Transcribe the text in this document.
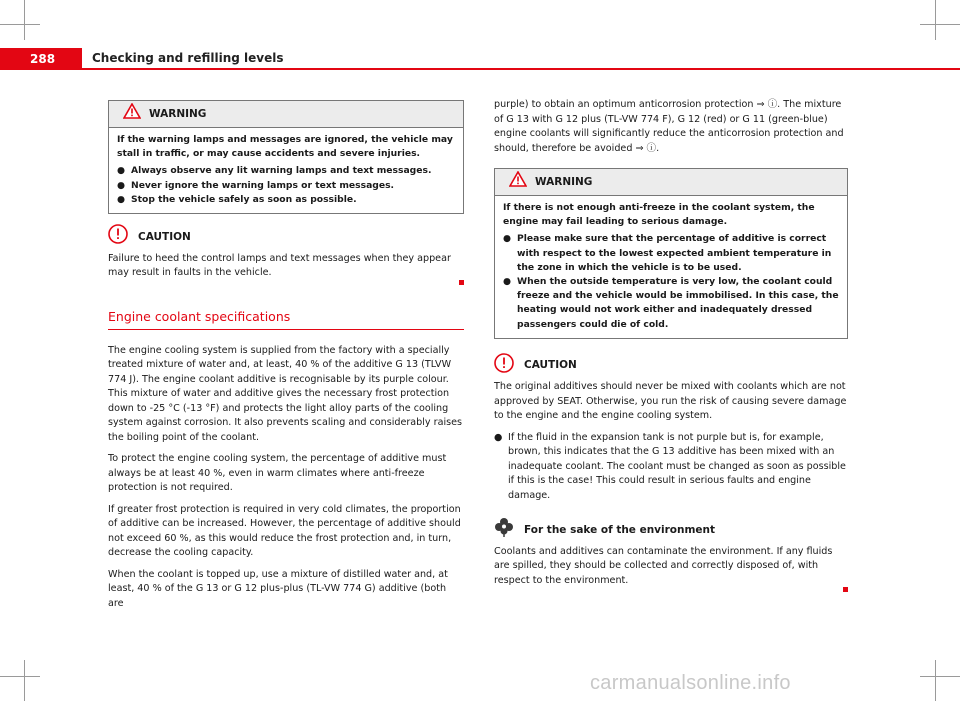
288	Checking and refilling levels
WARNING

If the warning lamps and messages are ignored, the vehicle may stall in traffic, or may cause accidents and severe injuries.

● Always observe any lit warning lamps and text messages.
● Never ignore the warning lamps or text messages.
● Stop the vehicle safely as soon as possible.
CAUTION

Failure to heed the control lamps and text messages when they appear may result in faults in the vehicle.

Engine coolant specifications

The engine cooling system is supplied from the factory with a specially treated mixture of water and, at least, 40 % of the additive G 13 (TLVW 774 J). The engine coolant additive is recognisable by its purple colour. This mixture of water and additive gives the necessary frost protection down to -25 °C (-13 °F) and protects the light alloy parts of the cooling system against corrosion. It also prevents scaling and considerably raises the boiling point of the coolant.

To protect the engine cooling system, the percentage of additive must always be at least 40 %, even in warm climates where anti-freeze protection is not required.

If greater frost protection is required in very cold climates, the proportion of additive can be increased. However, the percentage of additive should not exceed 60 %, as this would reduce the frost protection and, in turn, decrease the cooling capacity.

When the coolant is topped up, use a mixture of distilled water and, at least, 40 % of the G 13 or G 12 plus-plus (TL-VW 774 G) additive (both are

purple) to obtain an optimum anticorrosion protection ⇒ ⓘ. The mixture of G 13 with G 12 plus (TL-VW 774 F), G 12 (red) or G 11 (green-blue) engine coolants will significantly reduce the anticorrosion protection and should, therefore be avoided ⇒ ⓘ.

WARNING

If there is not enough anti-freeze in the coolant system, the engine may fail leading to serious damage.

● Please make sure that the percentage of additive is correct with respect to the lowest expected ambient temperature in the zone in which the vehicle is to be used.
● When the outside temperature is very low, the coolant could freeze and the vehicle would be immobilised. In this case, the heating would not work either and inadequately dressed passengers could die of cold.
CAUTION

The original additives should never be mixed with coolants which are not approved by SEAT. Otherwise, you run the risk of causing severe damage to the engine and the engine cooling system.

● If the fluid in the expansion tank is not purple but is, for example, brown, this indicates that the G 13 additive has been mixed with an inadequate coolant. The coolant must be changed as soon as possible if this is the case! This could result in serious faults and engine damage.
For the sake of the environment

Coolants and additives can contaminate the environment. If any fluids are spilled, they should be collected and correctly disposed of, with respect to the environment.

carmanualsonline.info
